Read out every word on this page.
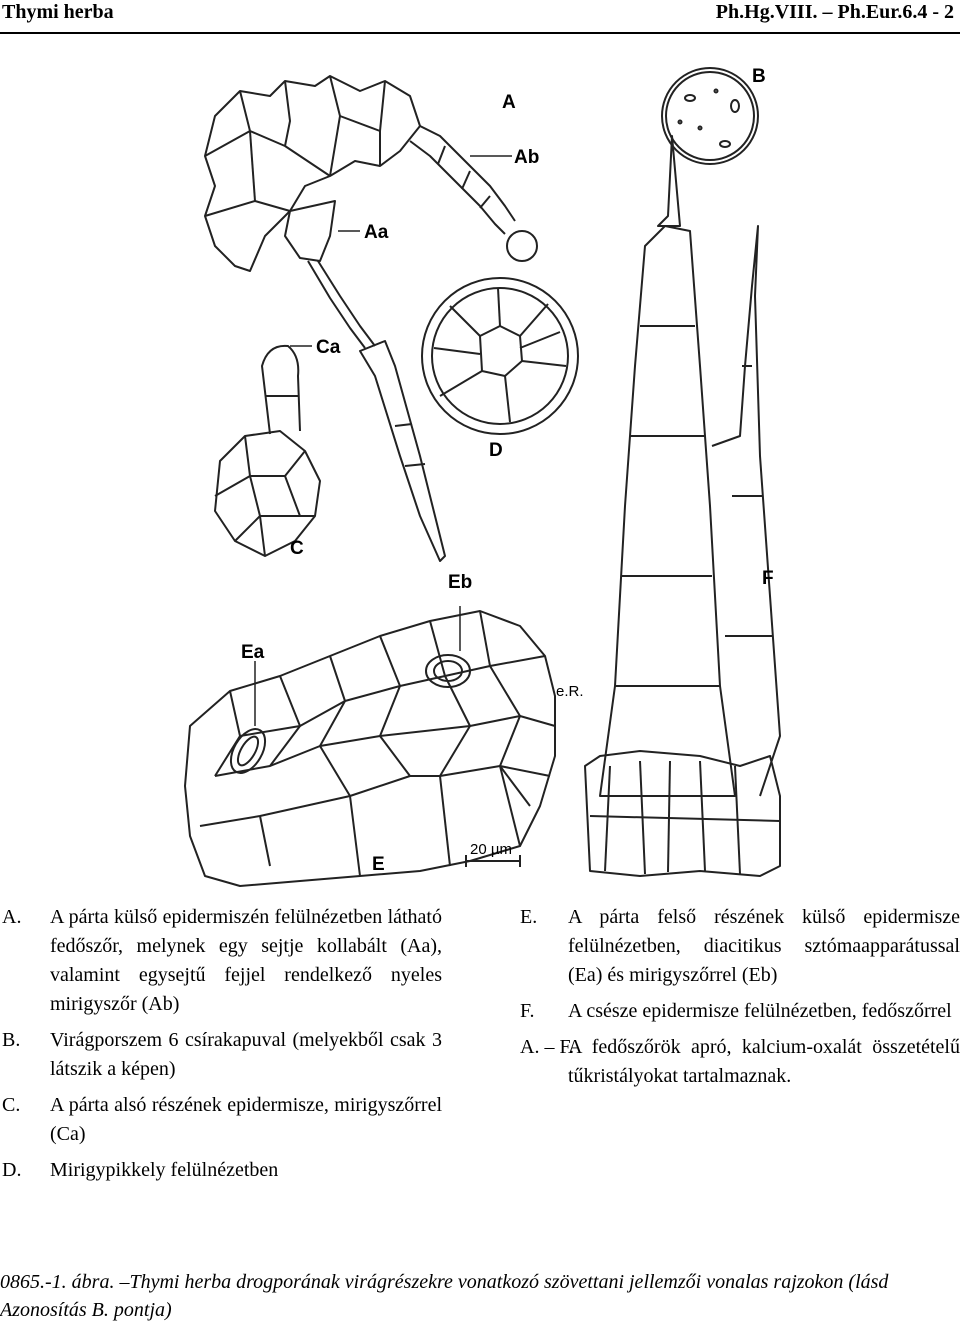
Thymi herba	Ph.Hg.VIII. – Ph.Eur.6.4 - 2
A
Ab
Aa
B
Ca
C
D
Eb
Ea
E
F
20 µm
e.R.
A. A párta külső epidermiszén felülnézetben látható fedőszőr, melynek egy sejtje kollabált (Aa), valamint egysejtű fejjel rendelkező nyeles mirigyszőr (Ab)
B. Virágporszem 6 csírakapuval (melyekből csak 3 látszik a képen)
C. A párta alsó részének epidermisze, mirigyszőrrel (Ca)
D. Mirigypikkely felülnézetben
E. A párta felső részének külső epidermisze felülnézetben, diacitikus sztómaapparátussal (Ea) és mirigyszőrrel (Eb)
F. A csésze epidermisze felülnézetben, fedőszőrrel
A. – F.
A fedőszőrök apró, kalcium-oxalát összetételű tűkristályokat tartalmaznak.
0865.-1. ábra. –Thymi herba drogporának virágrészekre vonatkozó szövettani jellemzői vonalas rajzokon (lásd Azonosítás B. pontja)
